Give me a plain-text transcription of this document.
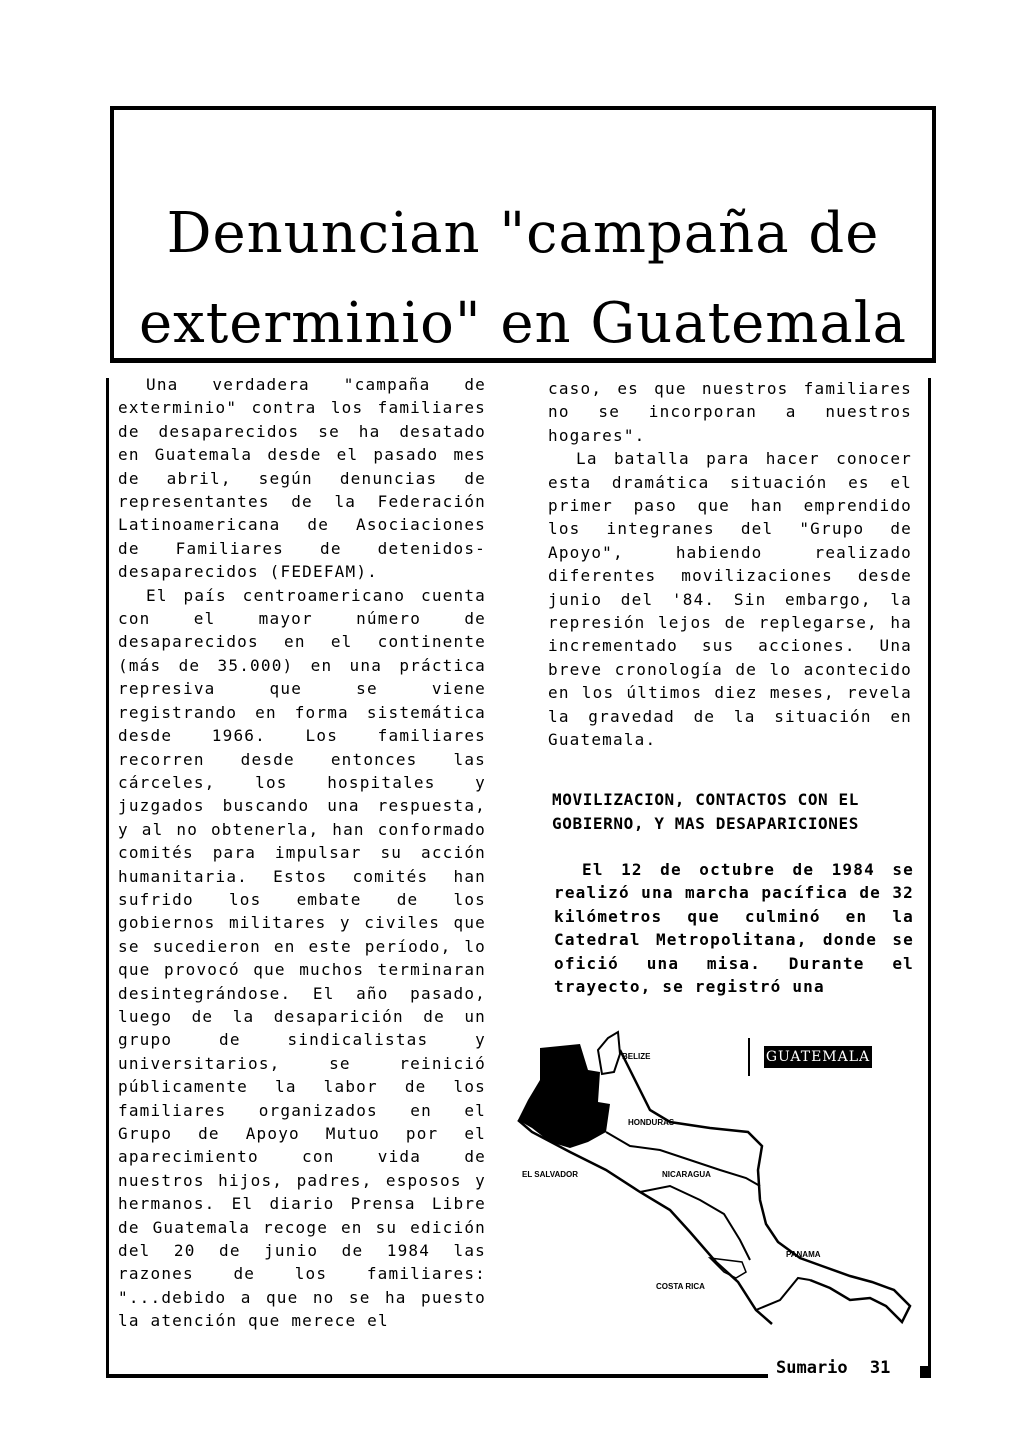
Denuncian "campaña de
exterminio" en Guatemala

Una verdadera "campaña de exterminio" contra los familiares de desaparecidos se ha desatado en Guatemala desde el pasado mes de abril, según denuncias de representantes de la Federación Latinoamericana de Asociaciones de Familiares de detenidos-desaparecidos (FEDEFAM).

El país centroamericano cuenta con el mayor número de desaparecidos en el continente (más de 35.000) en una práctica represiva que se viene registrando en forma sistemática desde 1966. Los familiares recorren desde entonces las cárceles, los hospitales y juzgados buscando una respuesta, y al no obtenerla, han conformado comités para impulsar su acción humanitaria. Estos comités han sufrido los embate de los gobiernos militares y civiles que se sucedieron en este período, lo que provocó que muchos terminaran desintegrándose. El año pasado, luego de la desaparición de un grupo de sindicalistas y universitarios, se reinició públicamente la labor de los familiares organizados en el Grupo de Apoyo Mutuo por el aparecimiento con vida de nuestros hijos, padres, esposos y hermanos. El diario Prensa Libre de Guatemala recoge en su edición del 20 de junio de 1984 las razones de los familiares: "...debido a que no se ha puesto la atención que merece el

caso, es que nuestros familiares no se incorporan a nuestros hogares".

La batalla para hacer conocer esta dramática situación es el primer paso que han emprendido los integranes del "Grupo de Apoyo", habiendo realizado diferentes movilizaciones desde junio del '84. Sin embargo, la represión lejos de replegarse, ha incrementado sus acciones. Una breve cronología de lo acontecido en los últimos diez meses, revela la gravedad de la situación en Guatemala.

MOVILIZACION, CONTACTOS CON EL GOBIERNO, Y MAS DESAPARICIONES

El 12 de octubre de 1984 se realizó una marcha pacífica de 32 kilómetros que culminó en la Catedral Metropolitana, donde se ofició una misa. Durante el trayecto, se registró una

GUATEMALA
BELIZE
HONDURAS
EL SALVADOR	NICARAGUA
COSTA RICA
PANAMA
Sumario 31
